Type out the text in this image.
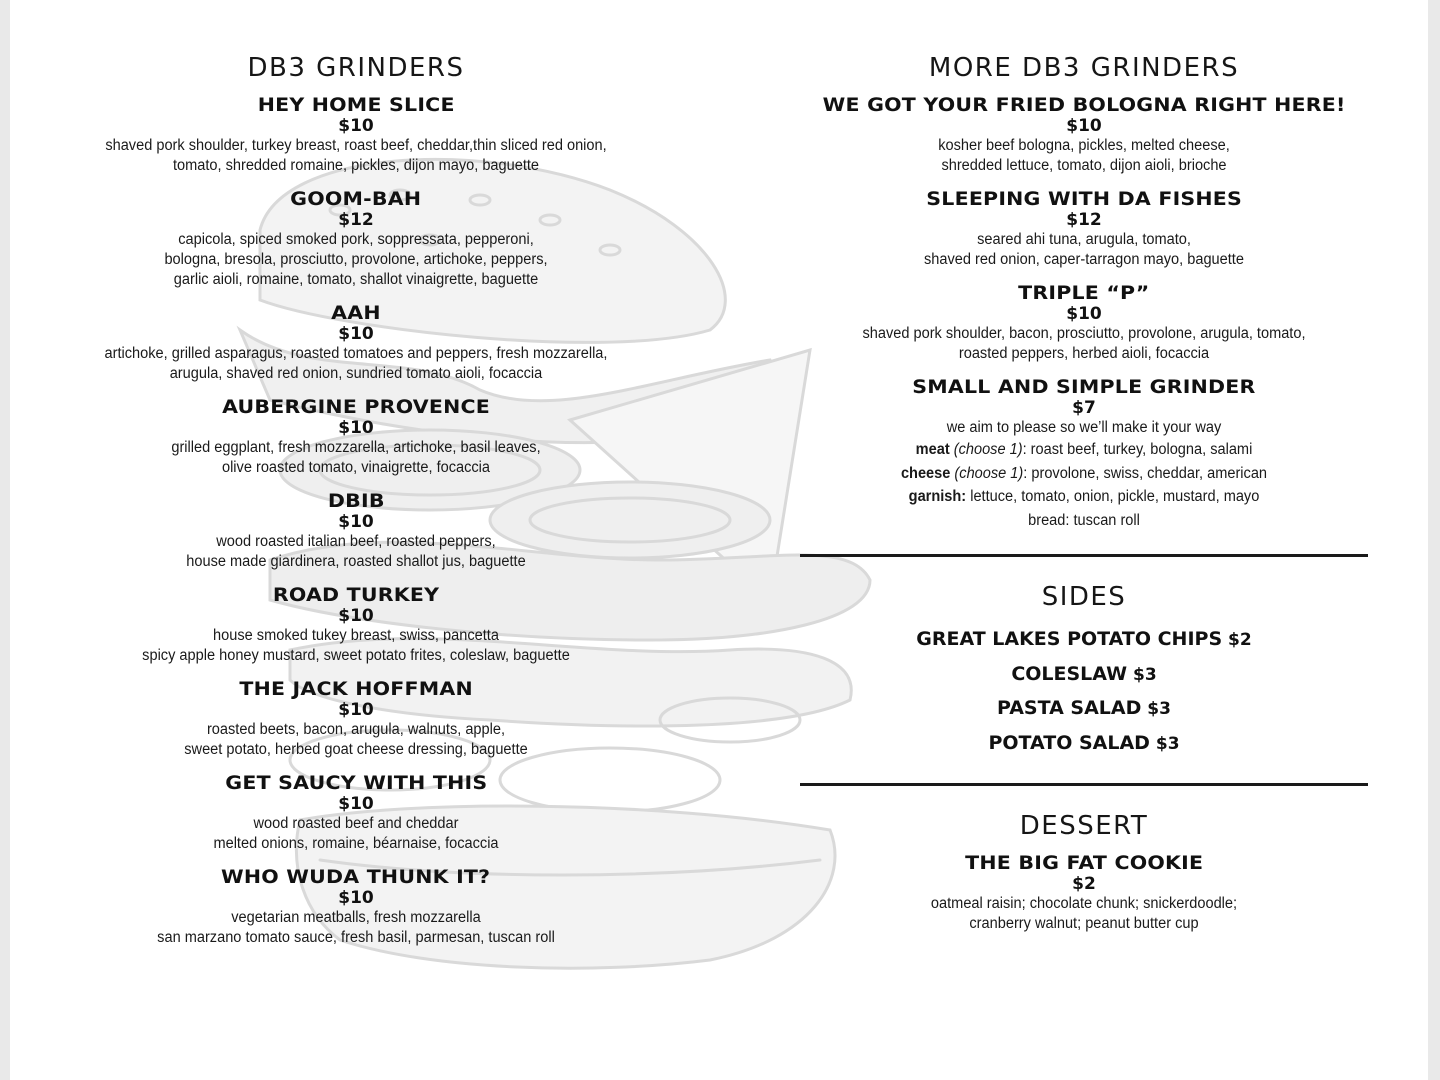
DB3 GRINDERS
HEY HOME SLICE
$10
shaved pork shoulder, turkey breast, roast beef, cheddar,thin sliced red onion,
tomato, shredded romaine, pickles, dijon mayo, baguette
GOOM-BAH
$12
capicola, spiced smoked pork, soppressata, pepperoni,
bologna, bresola, prosciutto, provolone, artichoke, peppers,
garlic aioli, romaine, tomato, shallot vinaigrette, baguette
AAH
$10
artichoke, grilled asparagus, roasted tomatoes and peppers, fresh mozzarella,
arugula, shaved red onion, sundried tomato aioli, focaccia
AUBERGINE PROVENCE
$10
grilled eggplant, fresh mozzarella, artichoke, basil leaves,
olive roasted tomato, vinaigrette, focaccia
DBIB
$10
wood roasted italian beef, roasted peppers,
house made giardinera, roasted shallot jus, baguette
ROAD TURKEY
$10
house smoked tukey breast, swiss, pancetta
spicy apple honey mustard, sweet potato frites, coleslaw, baguette
THE JACK HOFFMAN
$10
roasted beets, bacon, arugula, walnuts, apple,
sweet potato, herbed goat cheese dressing, baguette
GET SAUCY WITH THIS
$10
wood roasted beef and cheddar
melted onions, romaine, béarnaise, focaccia
WHO WUDA THUNK IT?
$10
vegetarian meatballs, fresh mozzarella
san marzano tomato sauce, fresh basil, parmesan, tuscan roll
MORE DB3 GRINDERS
WE GOT YOUR FRIED BOLOGNA RIGHT HERE!
$10
kosher beef bologna, pickles, melted cheese,
shredded lettuce, tomato, dijon aioli, brioche
SLEEPING WITH DA FISHES
$12
seared ahi tuna, arugula, tomato,
shaved red onion, caper-tarragon mayo, baguette
TRIPLE “P”
$10
shaved pork shoulder, bacon, prosciutto, provolone, arugula, tomato,
roasted peppers, herbed aioli, focaccia
SMALL AND SIMPLE GRINDER
$7
we aim to please so we’ll make it your way
meat (choose 1): roast beef, turkey, bologna, salami
cheese (choose 1): provolone, swiss, cheddar, american
garnish: lettuce, tomato, onion, pickle, mustard, mayo
bread: tuscan roll
SIDES
GREAT LAKES POTATO CHIPS $2
COLESLAW $3
PASTA SALAD $3
POTATO SALAD $3
DESSERT
THE BIG FAT COOKIE
$2
oatmeal raisin; chocolate chunk; snickerdoodle;
cranberry walnut; peanut butter cup
